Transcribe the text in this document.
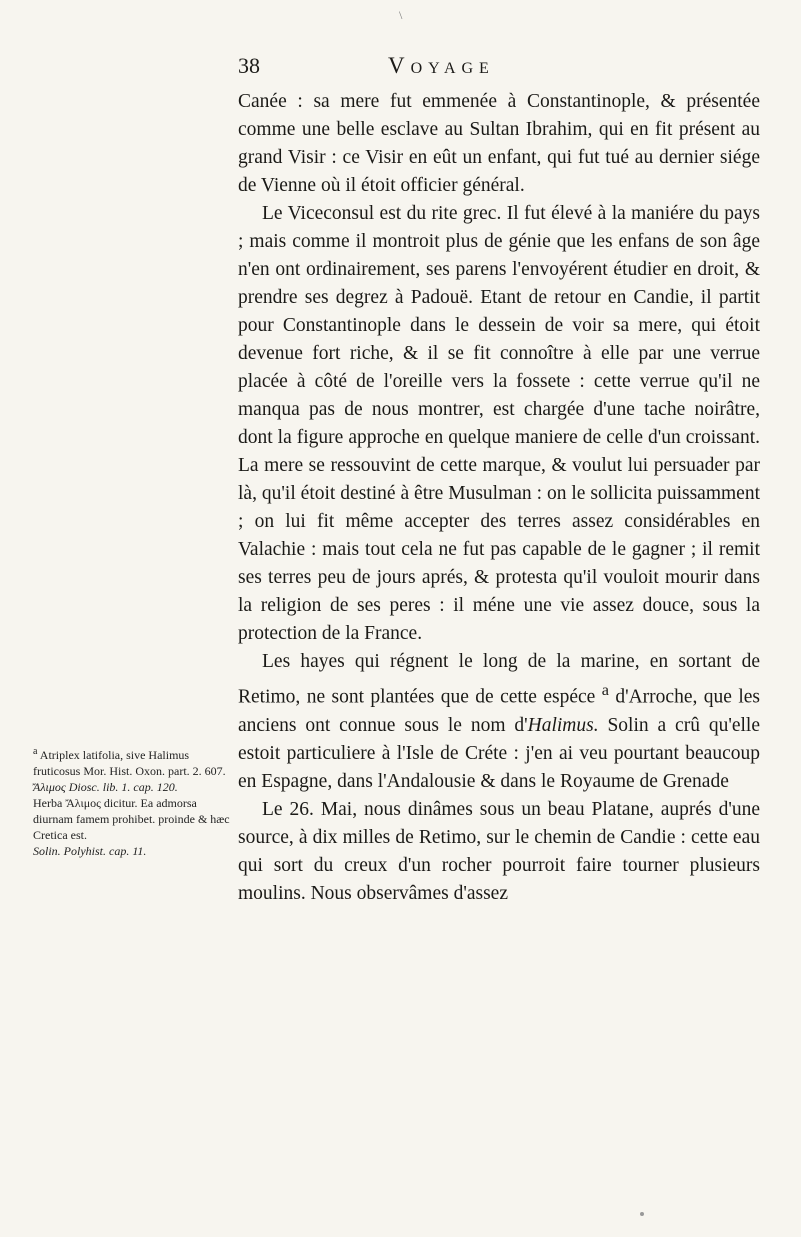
\
38	Voyage

Canée : sa mere fut emmenée à Constantinople, & présentée comme une belle esclave au Sultan Ibrahim, qui en fit présent au grand Visir : ce Visir en eût un enfant, qui fut tué au dernier siége de Vienne où il étoit officier général.

Le Viceconsul est du rite grec. Il fut élevé à la maniére du pays ; mais comme il montroit plus de génie que les enfans de son âge n'en ont ordinairement, ses parens l'envoyérent étudier en droit, & prendre ses degrez à Padouë. Etant de retour en Candie, il partit pour Constantinople dans le dessein de voir sa mere, qui étoit devenue fort riche, & il se fit connoître à elle par une verrue placée à côté de l'oreille vers la fossete : cette verrue qu'il ne manqua pas de nous montrer, est chargée d'une tache noirâtre, dont la figure approche en quelque maniere de celle d'un croissant. La mere se ressouvint de cette marque, & voulut lui persuader par là, qu'il étoit destiné à être Musulman : on le sollicita puissamment ; on lui fit même accepter des terres assez considérables en Valachie : mais tout cela ne fut pas capable de le gagner ; il remit ses terres peu de jours aprés, & protesta qu'il vouloit mourir dans la religion de ses peres : il méne une vie assez douce, sous la protection de la France.

Les hayes qui régnent le long de la marine, en sortant de Retimo, ne sont plantées que de cette espéce $^a$ d'Arroche, que les anciens ont connue sous le nom d'Halimus. Solin a crû qu'elle estoit particuliere à l'Isle de Créte : j'en ai veu pourtant beaucoup en Espagne, dans l'Andalousie & dans le Royaume de Grenade

Le 26. Mai, nous dinâmes sous un beau Platane, auprés d'une source, à dix milles de Retimo, sur le chemin de Candie : cette eau qui sort du creux d'un rocher pourroit faire tourner plusieurs moulins. Nous observâmes d'assez

$^a$ Atriplex latifolia, sive Halimus fruticosus Mor. Hist. Oxon. part. 2. 607.
Ἄλιμος Diosc. lib. 1. cap. 120.
Herba Ἄλιμος dicitur. Ea admorsa diurnam famem prohibet. proinde & hæc Cretica est.
Solin. Polyhist. cap. 11.
